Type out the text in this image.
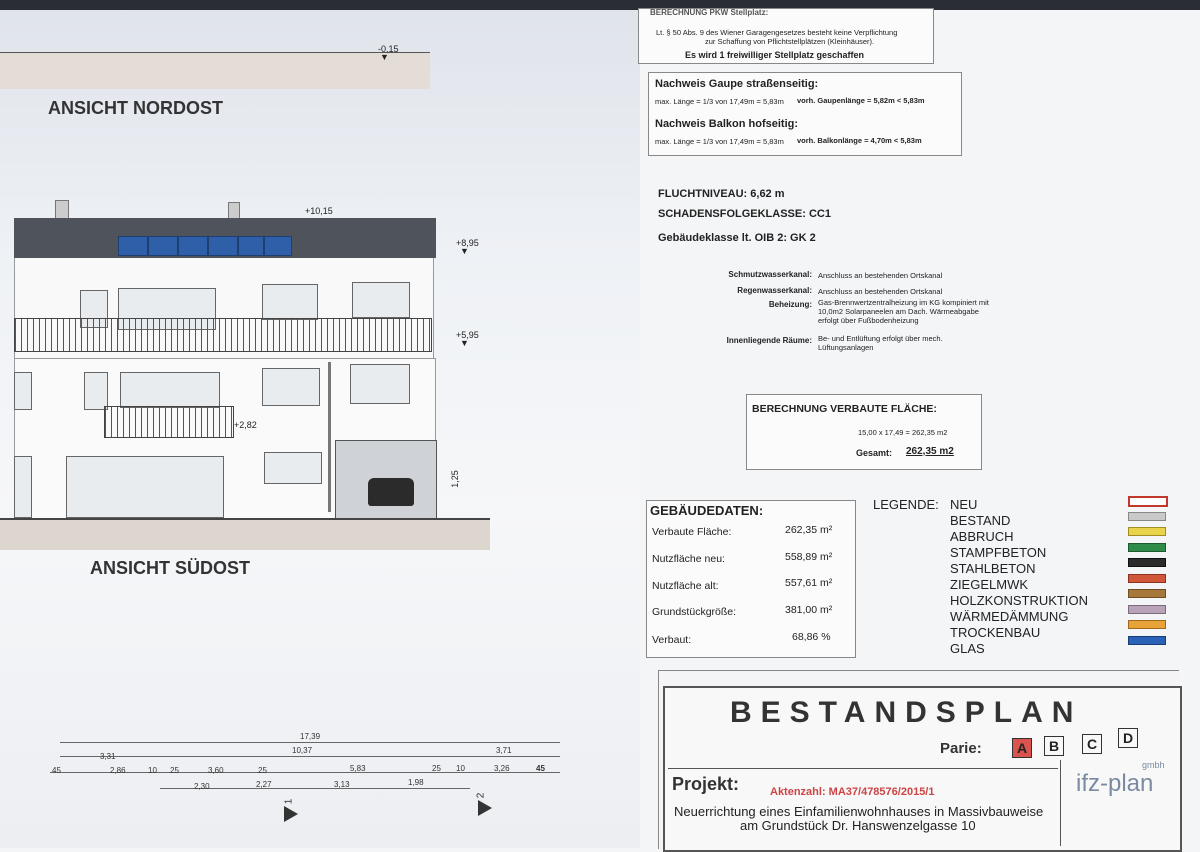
-0,15
▼
ANSICHT NORDOST
+10,15
+8,95
▼
+5,95
▼
+2,82
1,25
ANSICHT SÜDOST
17,39
3,31
10,37	3,71
45	2,86	10 25	3,60	25	5,83	25 10	3,26	45
2,30	2,27	3,13	1,98
1
2
BERECHNUNG PKW Stellplatz:
Lt. § 50 Abs. 9 des Wiener Garagengesetzes besteht keine Verpflichtung
zur Schaffung von Pflichtstellplätzen (Kleinhäuser).
Es wird 1 freiwilliger Stellplatz geschaffen
Nachweis Gaupe straßenseitig:
max. Länge = 1/3 von 17,49m = 5,83m vorh. Gaupenlänge = 5,82m < 5,83m
Nachweis Balkon hofseitig:
max. Länge = 1/3 von 17,49m = 5,83m vorh. Balkonlänge = 4,70m < 5,83m
FLUCHTNIVEAU: 6,62 m
SCHADENSFOLGEKLASSE: CC1
Gebäudeklasse lt. OIB 2: GK 2
Schmutzwasserkanal: Anschluss an bestehenden Ortskanal
Regenwasserkanal: Anschluss an bestehenden Ortskanal
Beheizung: Gas-Brennwertzentralheizung im KG kompiniert mit 10,0m2 Solarpaneelen am Dach. Wärmeabgabe erfolgt über Fußbodenheizung
Innenliegende Räume: Be- und Entlüftung erfolgt über mech. Lüftungsanlagen
BERECHNUNG VERBAUTE FLÄCHE:
15,00 x 17,49 = 262,35 m2
Gesamt: 262,35 m2
GEBÄUDEDATEN:
Verbaute Fläche:	262,35 m²
Nutzfläche neu:	558,89 m²
Nutzfläche alt:	557,61 m²
Grundstückgröße:	381,00 m²
Verbaut:	68,86 %
LEGENDE: NEU
BESTAND
ABBRUCH
STAMPFBETON
STAHLBETON
ZIEGELMWK
HOLZKONSTRUKTION
WÄRMEDÄMMUNG
TROCKENBAU
GLAS
BESTANDSPLAN
Parie:	A	B	C	D
Projekt:	Aktenzahl: MA37/478576/2015/1
Neuerrichtung eines Einfamilienwohnhauses in Massivbauweise
am Grundstück Dr. Hanswenzelgasse 10
ifz-plan
gmbh
